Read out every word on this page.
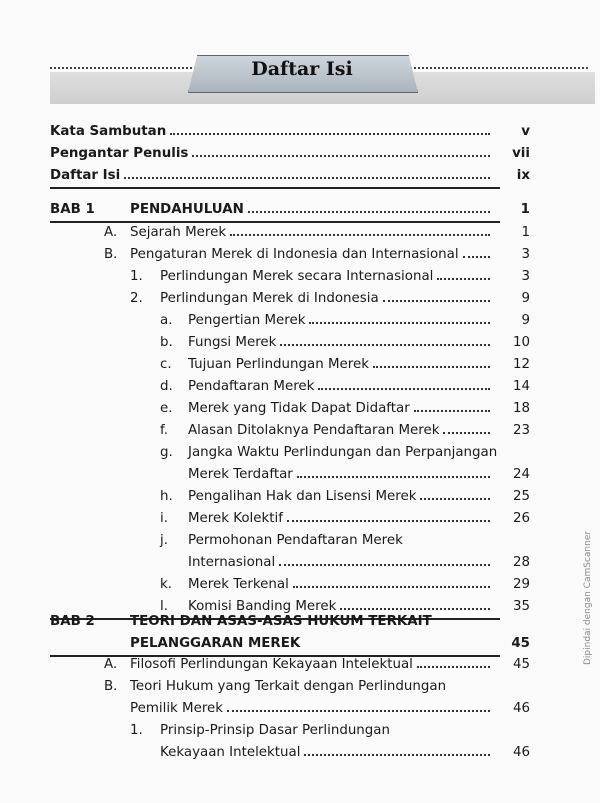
Daftar Isi
Kata Sambutan	v
Pengantar Penulis	vii
Daftar Isi	ix
BAB 1	PENDAHULUAN	1
A. Sejarah Merek	1
B. Pengaturan Merek di Indonesia dan Internasional	3
1.	Perlindungan Merek secara Internasional	3
2.	Perlindungan Merek di Indonesia	9
a.	Pengertian Merek	9
b.	Fungsi Merek	10
c.	Tujuan Perlindungan Merek	12
d.	Pendaftaran Merek	14
e.	Merek yang Tidak Dapat Didaftar	18
f.	Alasan Ditolaknya Pendaftaran Merek	23
g.	Jangka Waktu Perlindungan dan Perpanjangan
Merek Terdaftar	24
h.	Pengalihan Hak dan Lisensi Merek	25
i.	Merek Kolektif	26
j.	Permohonan Pendaftaran Merek
Internasional	28
k.	Merek Terkenal	29
l.	Komisi Banding Merek	35
BAB 2	TEORI DAN ASAS-ASAS HUKUM TERKAIT
PELANGGARAN MEREK	45
A. Filosofi Perlindungan Kekayaan Intelektual	45
B. Teori Hukum yang Terkait dengan Perlindungan
Pemilik Merek	46
1.	Prinsip-Prinsip Dasar Perlindungan
Kekayaan Intelektual	46
Dipindai dengan CamScanner
